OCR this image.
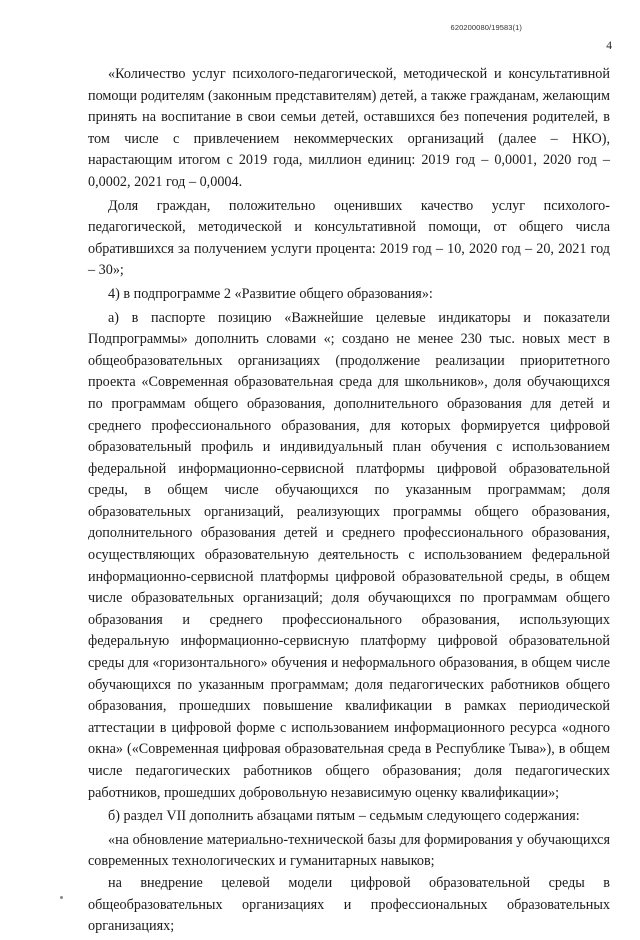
620200080/19583(1)
4

«Количество услуг психолого-педагогической, методической и консультативной помощи родителям (законным представителям) детей, а также гражданам, желающим принять на воспитание в свои семьи детей, оставшихся без попечения родителей, в том числе с привлечением некоммерческих организаций (далее – НКО), нарастающим итогом с 2019 года, миллион единиц: 2019 год – 0,0001, 2020 год – 0,0002, 2021 год – 0,0004.

Доля граждан, положительно оценивших качество услуг психолого-педагогической, методической и консультативной помощи, от общего числа обратившихся за получением услуги процента: 2019 год – 10, 2020 год – 20, 2021 год – 30»;

4) в подпрограмме 2 «Развитие общего образования»:

а) в паспорте позицию «Важнейшие целевые индикаторы и показатели Подпрограммы» дополнить словами «; создано не менее 230 тыс. новых мест в общеобразовательных организациях (продолжение реализации приоритетного проекта «Современная образовательная среда для школьников», доля обучающихся по программам общего образования, дополнительного образования для детей и среднего профессионального образования, для которых формируется цифровой образовательный профиль и индивидуальный план обучения с использованием федеральной информационно-сервисной платформы цифровой образовательной среды, в общем числе обучающихся по указанным программам; доля образовательных организаций, реализующих программы общего образования, дополнительного образования детей и среднего профессионального образования, осуществляющих образовательную деятельность с использованием федеральной информационно-сервисной платформы цифровой образовательной среды, в общем числе образовательных организаций; доля обучающихся по программам общего образования и среднего профессионального образования, использующих федеральную информационно-сервисную платформу цифровой образовательной среды для «горизонтального» обучения и неформального образования, в общем числе обучающихся по указанным программам; доля педагогических работников общего образования, прошедших повышение квалификации в рамках периодической аттестации в цифровой форме с использованием информационного ресурса «одного окна» («Современная цифровая образовательная среда в Республике Тыва»), в общем числе педагогических работников общего образования; доля педагогических работников, прошедших добровольную независимую оценку квалификации»;

б) раздел VII дополнить абзацами пятым – седьмым следующего содержания:

«на обновление материально-технической базы для формирования у обучающихся современных технологических и гуманитарных навыков;

на внедрение целевой модели цифровой образовательной среды в общеобразовательных организациях и профессиональных образовательных организациях;
